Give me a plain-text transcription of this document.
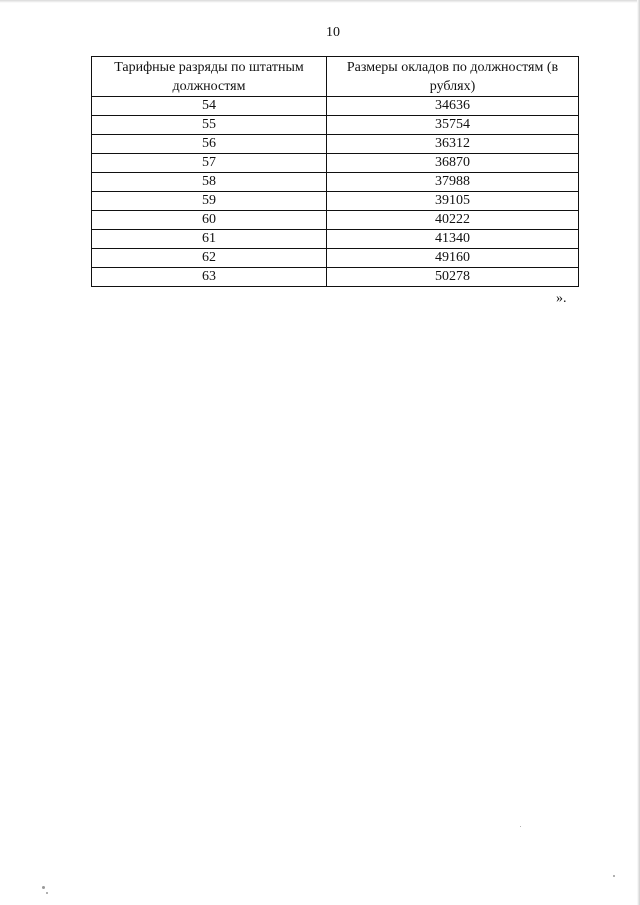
10
Тарифные разряды по штатным должностям	Размеры окладов по должностям (в рублях)
54	34636
55	35754
56	36312
57	36870
58	37988
59	39105
60	40222
61	41340
62	49160
63	50278
».
